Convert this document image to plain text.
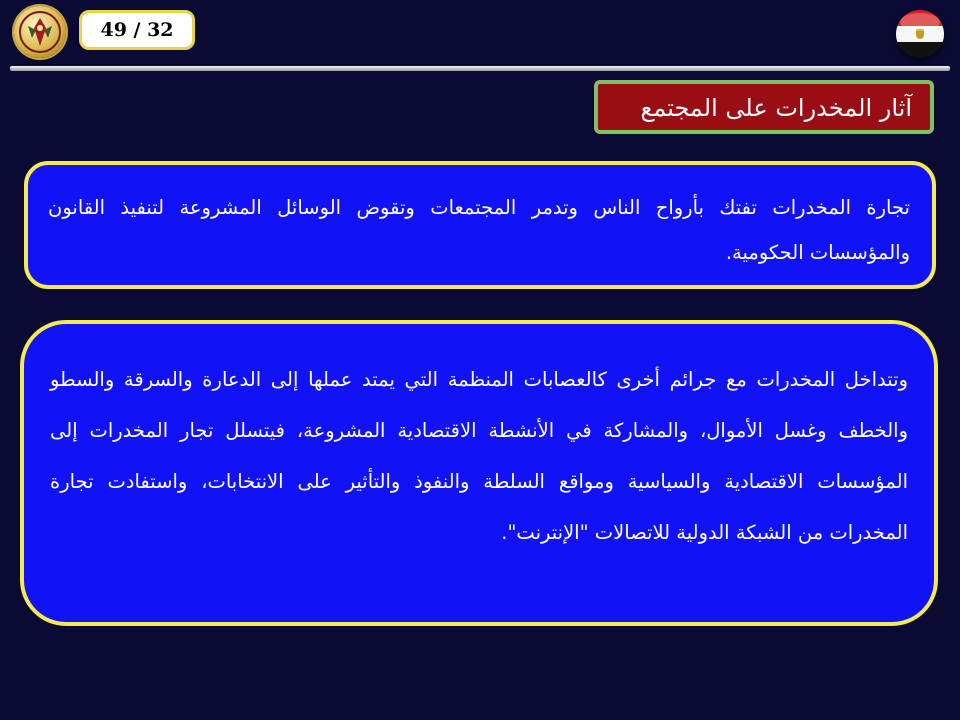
49 / 32
آثار المخدرات على المجتمع
تجارة المخدرات تفتك بأرواح الناس وتدمر المجتمعات وتقوض الوسائل المشروعة لتنفيذ القانون والمؤسسات الحكومية.
وتتداخل المخدرات مع جرائم أخرى كالعصابات المنظمة التي يمتد عملها إلى الدعارة والسرقة والسطو والخطف وغسل الأموال، والمشاركة في الأنشطة الاقتصادية المشروعة، فيتسلل تجار المخدرات إلى المؤسسات الاقتصادية والسياسية ومواقع السلطة والنفوذ والتأثير على الانتخابات، واستفادت تجارة المخدرات من الشبكة الدولية للاتصالات "الإنترنت".
